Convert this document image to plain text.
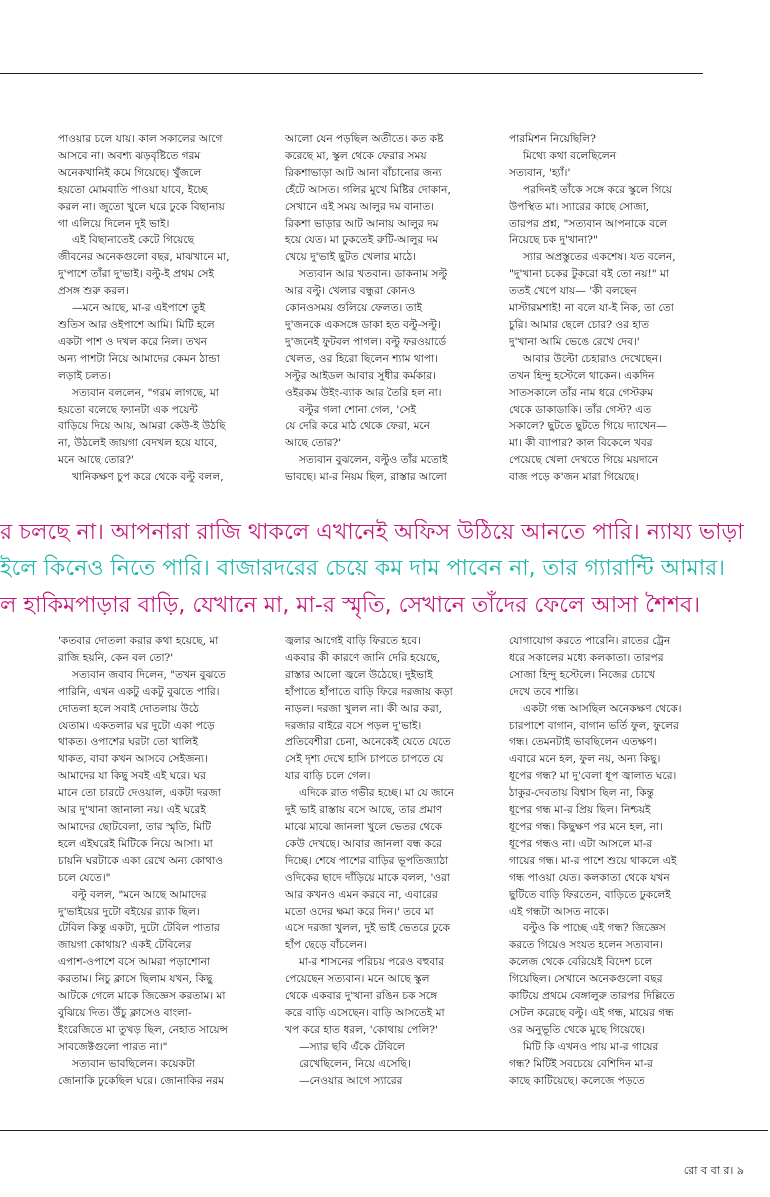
পাওয়ার চলে যায়। কাল সকালের আগে

আসবে না। অবশ্য ঝড়বৃষ্টিতে গরম

অনেকখানিই কমে গিয়েছে। খুঁজলে

হয়তো মোমবাতি পাওয়া যাবে, ইচ্ছে

করল না। জুতো খুলে ঘরে ঢুকে বিছানায়

গা এলিয়ে দিলেন দুই ভাই।

এই বিছানাতেই কেটে গিয়েছে

জীবনের অনেকগুলো বছর, মাঝখানে মা,

দু'পাশে তাঁরা দু'ভাই। বল্টু-ই প্রথম সেই

প্রসঙ্গ শুরু করল।

—মনে আছে, মা-র এইপাশে তুই

শুতিস আর ওইপাশে আমি। মিটি হলে

একটা পাশ ও দখল করে নিল। তখন

অন্য পাশটা নিয়ে আমাদের কেমন ঠান্ডা

লড়াই চলত।

সত্যবান বললেন, "গরম লাগছে, মা

হয়তো বলেছে ফ্যানটা এক পয়েন্ট

বাড়িয়ে দিয়ে আয়, আমরা কেউ-ই উঠছি

না, উঠলেই জায়গা বেদখল হয়ে যাবে,

মনে আছে তোর?'

খানিকক্ষণ চুপ করে থেকে বল্টু বলল,

আলো যেন পড়ছিল অতীতে। কত কষ্ট

করেছে মা, স্কুল থেকে ফেরার সময়

রিকশাভাড়া আট আনা বাঁচানোর জন্য

হেঁটে আসত। গলির মুখে মিষ্টির দোকান,

সেখানে এই সময় আলুর দম বানাত।

রিকশা ভাড়ার আট আনায় আলুর দম

হয়ে যেত। মা ঢুকতেই রুটি-আলুর দম

খেয়ে দু'ভাই ছুটত খেলার মাঠে।

সত্যবান আর খতবান। ডাকনাম সল্টু

আর বল্টু। খেলার বন্ধুরা কোনও

কোনওসময় গুলিয়ে ফেলত। তাই

দু'জনকে একসঙ্গে ডাকা হত বল্টু-সল্টু।

দু'জনেই ফুটবল পাগল। বল্টু ফরওয়ার্ডে

খেলত, ওর হিরো ছিলেন শ্যাম থাপা।

সল্টুর আইডল আবার সুধীর কর্মকার।

ওইরকম উইং-ব্যাক আর তৈরি হল না।

বল্টুর গলা শোনা গেল, 'সেই

যে দেরি করে মাঠ থেকে ফেরা, মনে

আছে তোর?'

সত্যবান বুঝলেন, বল্টুও তাঁর মতোই

ভাবছে। মা-র নিয়ম ছিল, রাস্তার আলো

পারমিশন নিয়েছিলি?

মিথ্যে কথা বলেছিলেন

সত্যবান, 'হ্যাঁ।'

পরদিনই তাঁকে সঙ্গে করে স্কুলে গিয়ে

উপস্থিত মা। স্যারের কাছে সোজা,

তারপর প্রশ্ন, "সত্যবান আপনাকে বলে

নিয়েছে চক দু'খানা?"

স্যার অপ্রস্তুতের একশেষ। যত বলেন,

"দু'খানা চকের টুকরো বই তো নয়!" মা

ততই খেপে যায়— 'কী বলছেন

মাস্টারমশাই! না বলে যা-ই নিক, তা তো

চুরি। আমার ছেলে চোর? ওর হাত

দু'খানা আমি ভেঙে রেখে দেব।'

আবার উল্টো চেহারাও দেখেছেন।

তখন হিন্দু হস্টেলে থাকেন। একদিন

সাতসকালে তাঁর নাম ধরে গেস্টরুম

থেকে ডাকাডাকি। তাঁর গেস্ট? এত

সকালে? ছুটতে ছুটতে গিয়ে দ্যাখেন—

মা। কী ব্যাপার? কাল বিকেলে খবর

পেয়েছে খেলা দেখতে গিয়ে ময়দানে

বাজ পড়ে ক'জন মারা গিয়েছে।

র চলছে না। আপনারা রাজি থাকলে এখানেই অফিস উঠিয়ে আনতে পারি। ন্যায্য ভাড়া

ইলে কিনেও নিতে পারি। বাজারদরের চেয়ে কম দাম পাবেন না, তার গ্যারান্টি আমার।

ল হাকিমপাড়ার বাড়ি, যেখানে মা, মা-র স্মৃতি, সেখানে তাঁদের ফেলে আসা শৈশব।

'কতবার দোতলা করার কথা হয়েছে, মা

রাজি হয়নি, কেন বল তো?'

সত্যবান জবাব দিলেন, "তখন বুঝতে

পারিনি, এখন একটু একটু বুঝতে পারি।

দোতলা হলে সবাই দোতলায় উঠে

যেতাম। একতলার ঘর দুটো একা পড়ে

থাকত। ওপাশের ঘরটা তো খালিই

থাকত, বাবা কখন আসবে সেইজন্য।

আমাদের যা কিছু সবই এই ঘরে। ঘর

মানে তো চারটে দেওয়াল, একটা দরজা

আর দু'খানা জানালা নয়। এই ঘরেই

আমাদের ছোটবেলা, তার স্মৃতি, মিটি

হলে এইঘরেই মিটিকে নিয়ে আসা। মা

চায়নি ঘরটাকে একা রেখে অন্য কোথাও

চলে যেতে।"

বল্টু বলল, "মনে আছে আমাদের

দু'ভাইয়ের দুটো বইয়ের র‍্যাক ছিল।

টেবিল কিন্তু একটা, দুটো টেবিল পাতার

জায়গা কোথায়? একই টেবিলের

এপাশ-ওপাশে বসে আমরা পড়াশোনা

করতাম। নিচু ক্লাসে ছিলাম যখন, কিছু

আটকে গেলে মাকে জিজ্ঞেস করতাম। মা

বুঝিয়ে দিত। উঁচু ক্লাসেও বাংলা-

ইংরেজিতে মা তুখড় ছিল, নেহাত সায়েন্স

সাবজেক্টগুলো পারত না।"

সত্যবান ভাবছিলেন। কয়েকটা

জোনাকি ঢুকেছিল ঘরে। জোনাকির নরম

জ্বলার আগেই বাড়ি ফিরতে হবে।

একবার কী কারণে জানি দেরি হয়েছে,

রাস্তার আলো জ্বলে উঠেছে। দুইভাই

হাঁপাতে হাঁপাতে বাড়ি ফিরে দরজায় কড়া

নাড়ল। দরজা খুলল না। কী আর করা,

দরজার বাইরে বসে পড়ল দু'ভাই।

প্রতিবেশীরা চেনা, অনেকেই যেতে যেতে

সেই দৃশ্য দেখে হাসি চাপতে চাপতে যে

যার বাড়ি চলে গেল।

এদিকে রাত গভীর হচ্ছে। মা যে জানে

দুই ভাই রাস্তায় বসে আছে, তার প্রমাণ

মাঝে মাঝে জানলা খুলে ভেতর থেকে

কেউ দেখছে। আবার জানলা বন্ধ করে

দিচ্ছে। শেষে পাশের বাড়ির ভূপতিজ্যাঠা

ওদিকের ছাদে দাঁড়িয়ে মাকে বলল, 'ওরা

আর কখনও এমন করবে না, এবারের

মতো ওদের ক্ষমা করে দিন।' তবে মা

এসে দরজা খুলল, দুই ভাই ভেতরে ঢুকে

হাঁপ ছেড়ে বাঁচলেন।

মা-র শাসনের পরিচয় পরেও বহুবার

পেয়েছেন সত্যবান। মনে আছে স্কুল

থেকে একবার দু'খানা রঙিন চক সঙ্গে

করে বাড়ি এসেছেন। বাড়ি আসতেই মা

খপ করে হাত ধরল, 'কোথায় পেলি?'

—স্যার ছবি এঁকে টেবিলে

রেখেছিলেন, নিয়ে এসেছি।

—নেওয়ার আগে স্যারের

যোগাযোগ করতে পারেনি। রাতের ট্রেন

ধরে সকালের মধ্যে কলকাতা। তারপর

সোজা হিন্দু হস্টেলে। নিজের চোখে

দেখে তবে শান্তি।

একটা গন্ধ আসছিল অনেকক্ষণ থেকে।

চারপাশে বাগান, বাগান ভর্তি ফুল, ফুলের

গন্ধ। তেমনটাই ভাবছিলেন এতক্ষণ।

এবারে মনে হল, ফুল নয়, অন্য কিছু।

ধূপের গন্ধ? মা দু'বেলা ধূপ জ্বালাত ঘরে।

ঠাকুর-দেবতায় বিশ্বাস ছিল না, কিন্তু

ধূপের গন্ধ মা-র প্রিয় ছিল। নিশ্চয়ই

ধূপের গন্ধ। কিছুক্ষণ পর মনে হল, না।

ধূপের গন্ধও না। এটা আসলে মা-র

গায়ের গন্ধ। মা-র পাশে শুয়ে থাকলে এই

গন্ধ পাওয়া যেত। কলকাতা থেকে যখন

ছুটিতে বাড়ি ফিরতেন, বাড়িতে ঢুকলেই

এই গন্ধটা আসত নাকে।

বল্টুও কি পাচ্ছে এই গন্ধ? জিজ্ঞেস

করতে গিয়েও সংযত হলেন সত্যবান।

কলেজ থেকে বেরিয়েই বিদেশ চলে

গিয়েছিল। সেখানে অনেকগুলো বছর

কাটিয়ে প্রথমে বেঙ্গালুরু তারপর দিল্লিতে

সেটল করেছে বল্টু। এই গন্ধ, মায়ের গন্ধ

ওর অনুভূতি থেকে মুছে গিয়েছে।

মিটি কি এখনও পায় মা-র গায়ের

গন্ধ? মিটিই সবচেয়ে বেশিদিন মা-র

কাছে কাটিয়েছে। কলেজে পড়তে

রো ব বা র। ৯
